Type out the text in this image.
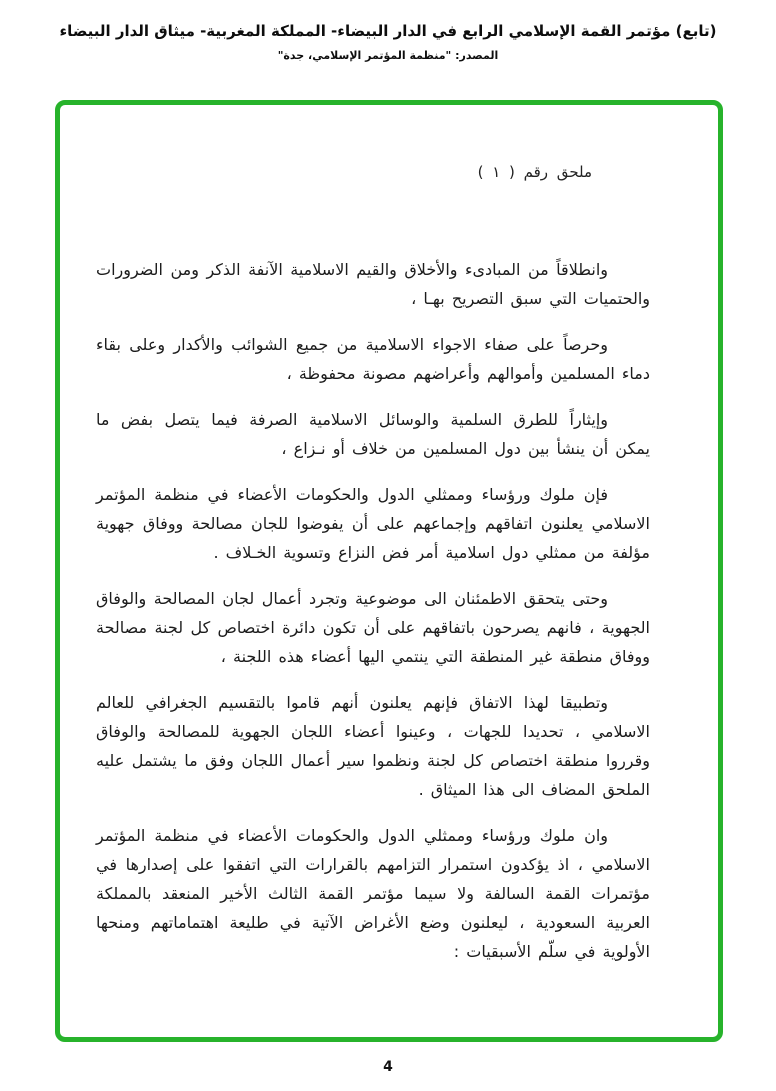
(تابع) مؤتمر القمة الإسلامي الرابع في الدار البيضاء- المملكة المغربية- ميثاق الدار البيضاء
المصدر: "منظمة المؤتمر الإسلامي، جدة"
ملحق رقم ( ١ )

وانطلاقاً من المبادىء والأخلاق والقيم الاسلامية الآنفة الذكر ومن الضرورات والحتميات التي سبق التصريح بهـا ،

وحرصاً على صفاء الاجواء الاسلامية من جميع الشوائب والأكدار وعلى بقاء دماء المسلمين وأموالهم وأعراضهم مصونة محفوظة ،

وإيثاراً للطرق السلمية والوسائل الاسلامية الصرفة فيما يتصل بفض ما يمكن أن ينشأ بين دول المسلمين من خلاف أو نـزاع ،

فإن ملوك ورؤساء وممثلي الدول والحكومات الأعضاء في منظمة المؤتمر الاسلامي يعلنون اتفاقهم وإجماعهم على أن يفوضوا للجان مصالحة ووفاق جهوية مؤلفة من ممثلي دول اسلامية أمر فض النزاع وتسوية الخـلاف .

وحتى يتحقق الاطمئنان الى موضوعية وتجرد أعمال لجان المصالحة والوفاق الجهوية ، فانهم يصرحون باتفاقهم على أن تكون دائرة اختصاص كل لجنة مصالحة ووفاق منطقة غير المنطقة التي ينتمي اليها أعضاء هذه اللجنة ،

وتطبيقا لهذا الاتفاق فإنهم يعلنون أنهم قاموا بالتقسيم الجغرافي للعالم الاسلامي ، تحديدا للجهات ، وعينوا أعضاء اللجان الجهوية للمصالحة والوفاق وقرروا منطقة اختصاص كل لجنة ونظموا سير أعمال اللجان وفق ما يشتمل عليه الملحق المضاف الى هذا الميثاق .

وان ملوك ورؤساء وممثلي الدول والحكومات الأعضاء في منظمة المؤتمر الاسلامي ، اذ يؤكدون استمرار التزامهم بالقرارات التي اتفقوا على إصدارها في مؤتمرات القمة السالفة ولا سيما مؤتمر القمة الثالث الأخير المنعقد بالمملكة العربية السعودية ، ليعلنون وضع الأغراض الآتية في طليعة اهتماماتهم ومنحها الأولوية في سلّم الأسبقيات :

4
